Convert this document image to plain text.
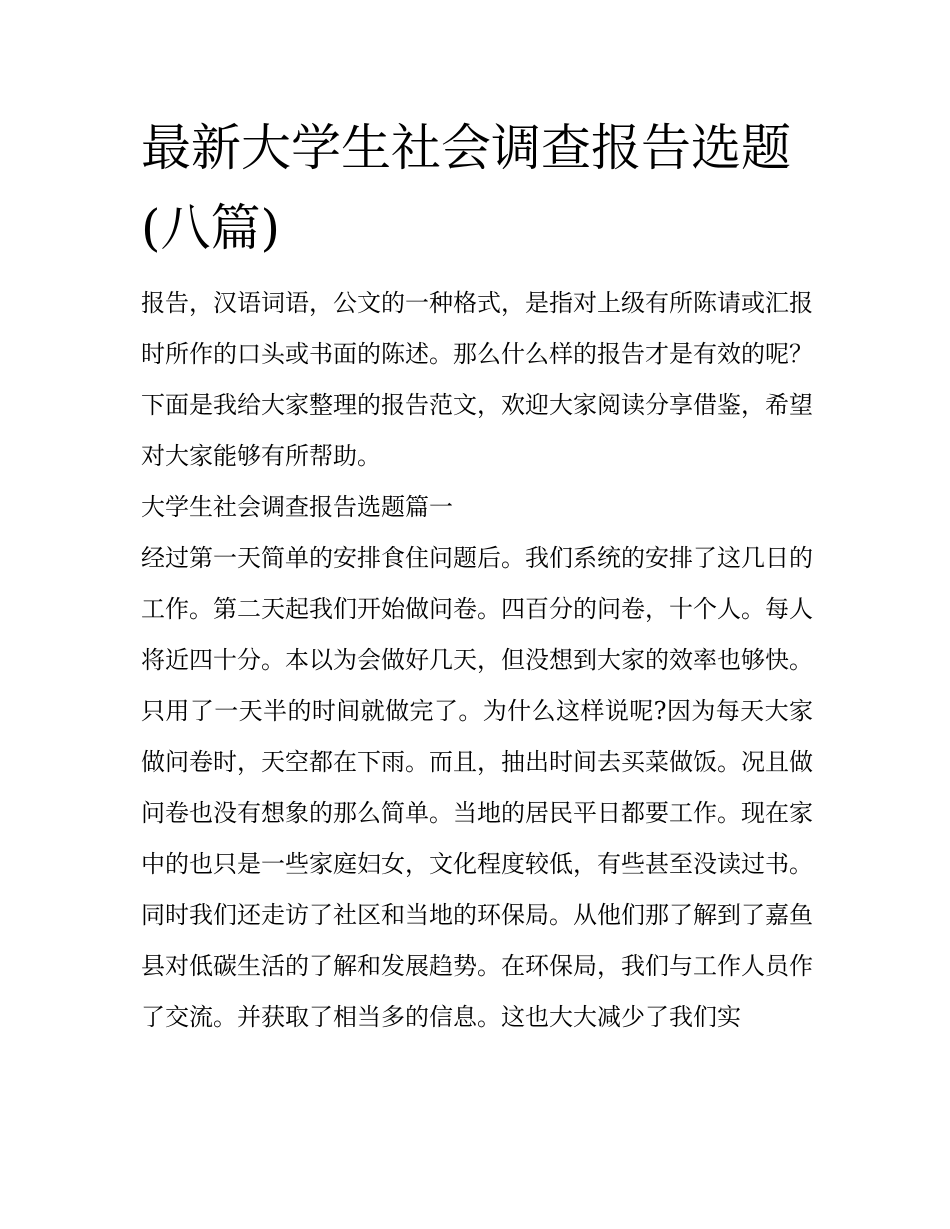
最新大学生社会调查报告选题(八篇)

报告，汉语词语，公文的一种格式，是指对上级有所陈请或汇报时所作的口头或书面的陈述。那么什么样的报告才是有效的呢？下面是我给大家整理的报告范文，欢迎大家阅读分享借鉴，希望对大家能够有所帮助。

大学生社会调查报告选题篇一

经过第一天简单的安排食住问题后。我们系统的安排了这几日的工作。第二天起我们开始做问卷。四百分的问卷，十个人。每人将近四十分。本以为会做好几天，但没想到大家的效率也够快。只用了一天半的时间就做完了。为什么这样说呢?因为每天大家做问卷时，天空都在下雨。而且，抽出时间去买菜做饭。况且做问卷也没有想象的那么简单。当地的居民平日都要工作。现在家中的也只是一些家庭妇女，文化程度较低，有些甚至没读过书。

同时我们还走访了社区和当地的环保局。从他们那了解到了嘉鱼县对低碳生活的了解和发展趋势。在环保局，我们与工作人员作了交流。并获取了相当多的信息。这也大大减少了我们实
